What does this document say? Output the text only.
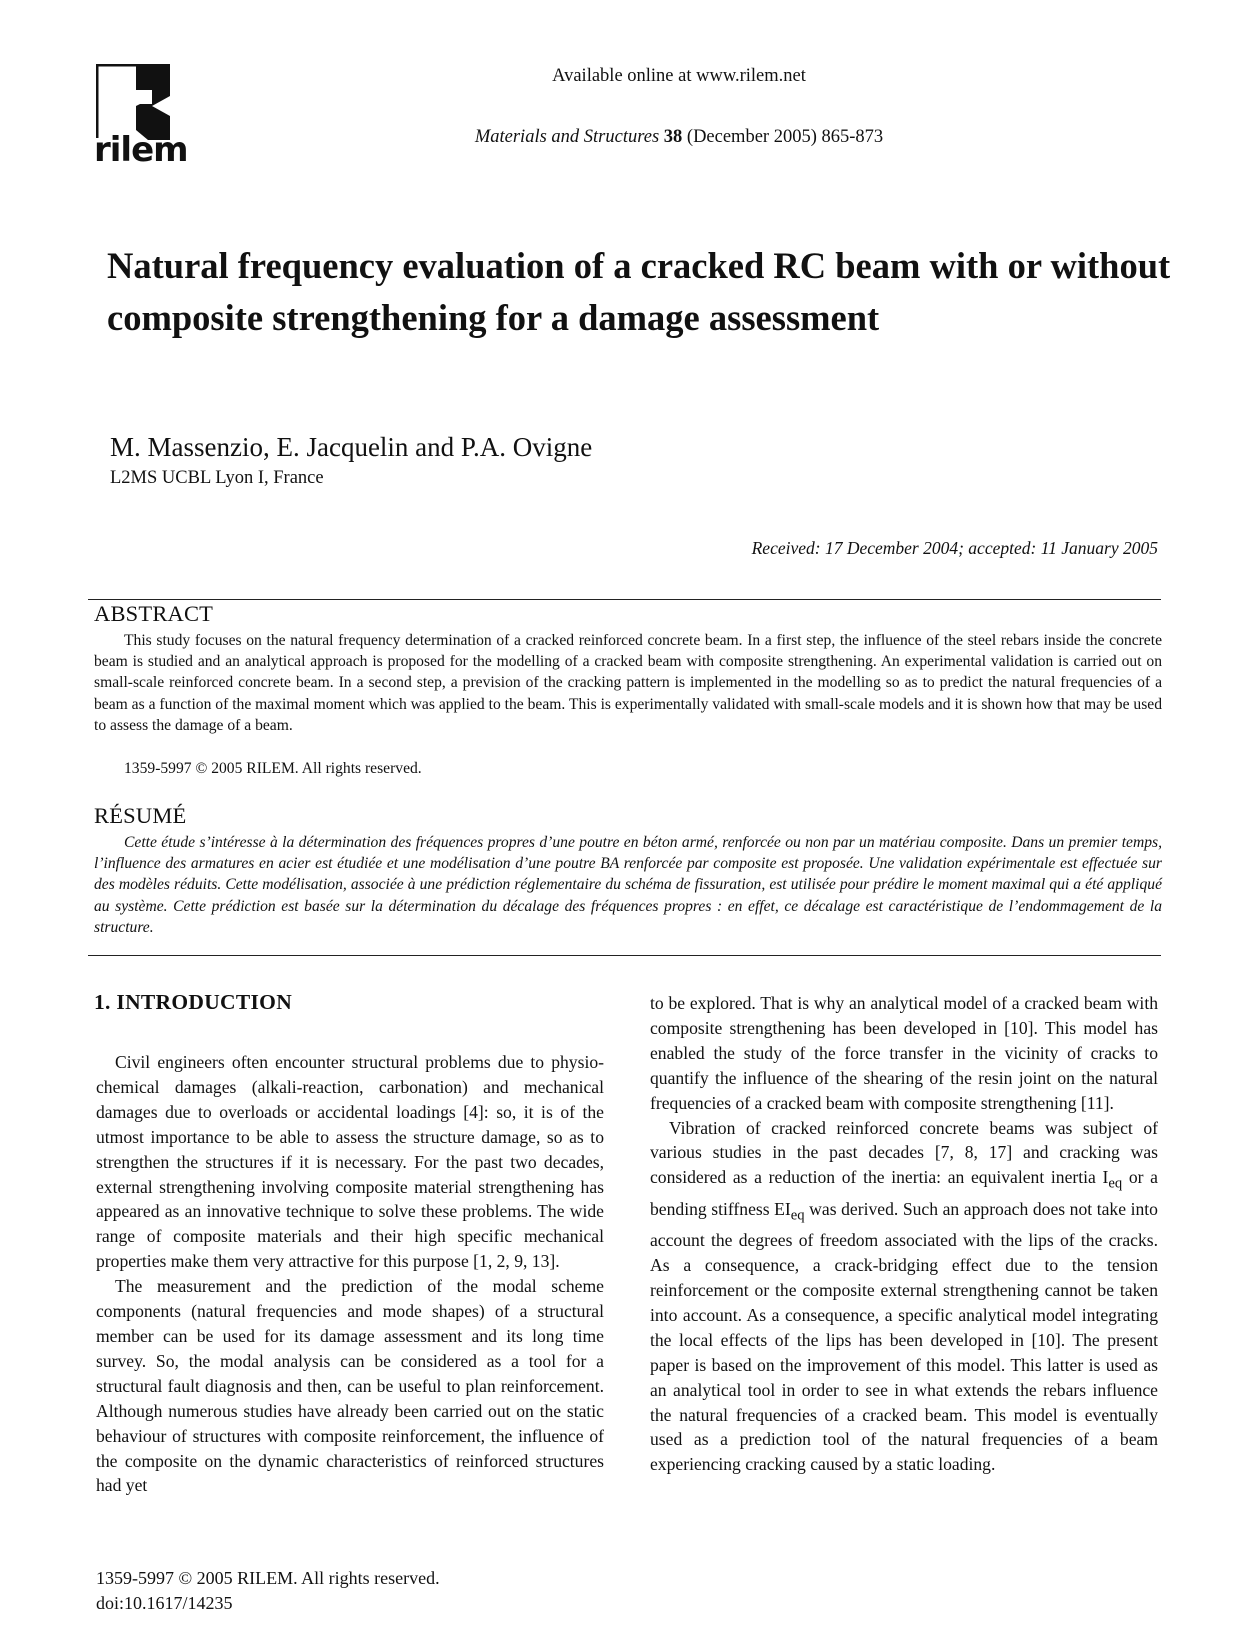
rilem
Available online at www.rilem.net
Materials and Structures 38 (December 2005) 865-873
Natural frequency evaluation of a cracked RC beam with or without composite strengthening for a damage assessment
M. Massenzio, E. Jacquelin and P.A. Ovigne
L2MS UCBL Lyon I, France
Received: 17 December 2004; accepted: 11 January 2005
ABSTRACT

This study focuses on the natural frequency determination of a cracked reinforced concrete beam. In a first step, the influence of the steel rebars inside the concrete beam is studied and an analytical approach is proposed for the modelling of a cracked beam with composite strengthening. An experimental validation is carried out on small-scale reinforced concrete beam. In a second step, a prevision of the cracking pattern is implemented in the modelling so as to predict the natural frequencies of a beam as a function of the maximal moment which was applied to the beam. This is experimentally validated with small-scale models and it is shown how that may be used to assess the damage of a beam.

1359-5997 © 2005 RILEM. All rights reserved.

RÉSUMÉ

Cette étude s’intéresse à la détermination des fréquences propres d’une poutre en béton armé, renforcée ou non par un matériau composite. Dans un premier temps, l’influence des armatures en acier est étudiée et une modélisation d’une poutre BA renforcée par composite est proposée. Une validation expérimentale est effectuée sur des modèles réduits. Cette modélisation, associée à une prédiction réglementaire du schéma de fissuration, est utilisée pour prédire le moment maximal qui a été appliqué au système. Cette prédiction est basée sur la détermination du décalage des fréquences propres : en effet, ce décalage est caractéristique de l’endommagement de la structure.

1. INTRODUCTION

Civil engineers often encounter structural problems due to physio-chemical damages (alkali-reaction, carbonation) and mechanical damages due to overloads or accidental loadings [4]: so, it is of the utmost importance to be able to assess the structure damage, so as to strengthen the structures if it is necessary. For the past two decades, external strengthening involving composite material strengthening has appeared as an innovative technique to solve these problems. The wide range of composite materials and their high specific mechanical properties make them very attractive for this purpose [1, 2, 9, 13].

The measurement and the prediction of the modal scheme components (natural frequencies and mode shapes) of a structural member can be used for its damage assessment and its long time survey. So, the modal analysis can be considered as a tool for a structural fault diagnosis and then, can be useful to plan reinforcement. Although numerous studies have already been carried out on the static behaviour of structures with composite reinforcement, the influence of the composite on the dynamic characteristics of reinforced structures had yet

to be explored. That is why an analytical model of a cracked beam with composite strengthening has been developed in [10]. This model has enabled the study of the force transfer in the vicinity of cracks to quantify the influence of the shearing of the resin joint on the natural frequencies of a cracked beam with composite strengthening [11].

Vibration of cracked reinforced concrete beams was subject of various studies in the past decades [7, 8, 17] and cracking was considered as a reduction of the inertia: an equivalent inertia $I_{eq}$ or a bending stiffness $EI_{eq}$ was derived. Such an approach does not take into account the degrees of freedom associated with the lips of the cracks. As a consequence, a crack-bridging effect due to the tension reinforcement or the composite external strengthening cannot be taken into account. As a consequence, a specific analytical model integrating the local effects of the lips has been developed in [10]. The present paper is based on the improvement of this model. This latter is used as an analytical tool in order to see in what extends the rebars influence the natural frequencies of a cracked beam. This model is eventually used as a prediction tool of the natural frequencies of a beam experiencing cracking caused by a static loading.

1359-5997 © 2005 RILEM. All rights reserved.
doi:10.1617/14235
